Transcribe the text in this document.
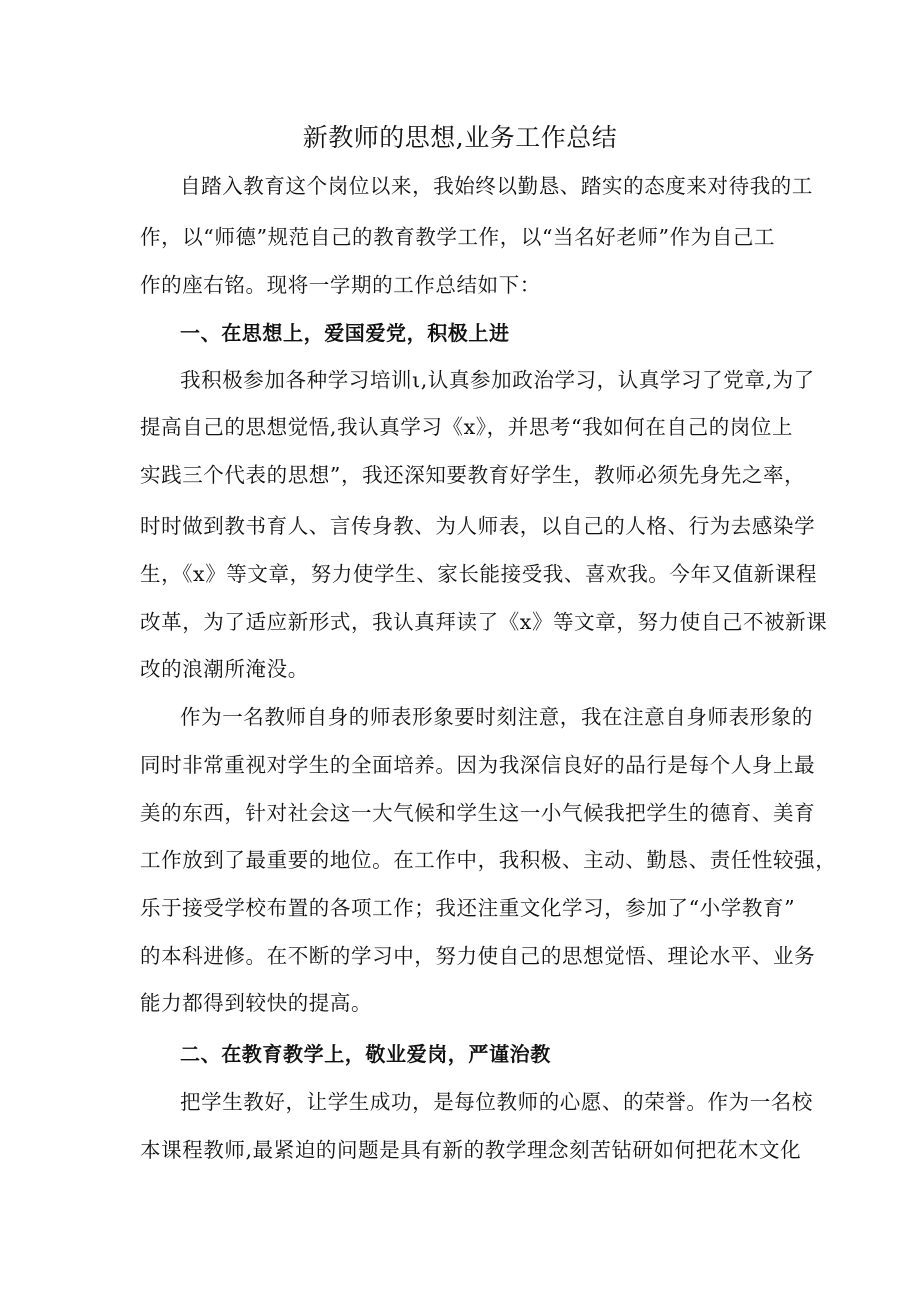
新教师的思想,业务工作总结
自踏入教育这个岗位以来，我始终以勤恳、踏实的态度来对待我的工
作，以“师德”规范自己的教育教学工作，以“当名好老师”作为自己工
作的座右铭。现将一学期的工作总结如下：
一、在思想上，爱国爱党，积极上进
我积极参加各种学习培训ι,认真参加政治学习，认真学习了党章,为了
提高自己的思想觉悟,我认真学习《x》，并思考“我如何在自己的岗位上
实践三个代表的思想”，我还深知要教育好学生，教师必须先身先之率，
时时做到教书育人、言传身教、为人师表，以自己的人格、行为去感染学
生，《x》等文章，努力使学生、家长能接受我、喜欢我。今年又值新课程
改革，为了适应新形式，我认真拜读了《x》等文章，努力使自己不被新课
改的浪潮所淹没。
作为一名教师自身的师表形象要时刻注意，我在注意自身师表形象的
同时非常重视对学生的全面培养。因为我深信良好的品行是每个人身上最
美的东西，针对社会这一大气候和学生这一小气候我把学生的德育、美育
工作放到了最重要的地位。在工作中，我积极、主动、勤恳、责任性较强，
乐于接受学校布置的各项工作；我还注重文化学习，参加了“小学教育”
的本科进修。在不断的学习中，努力使自己的思想觉悟、理论水平、业务
能力都得到较快的提高。
二、在教育教学上，敬业爱岗，严谨治教
把学生教好，让学生成功，是每位教师的心愿、的荣誉。作为一名校
本课程教师,最紧迫的问题是具有新的教学理念刻苦钻研如何把花木文化
